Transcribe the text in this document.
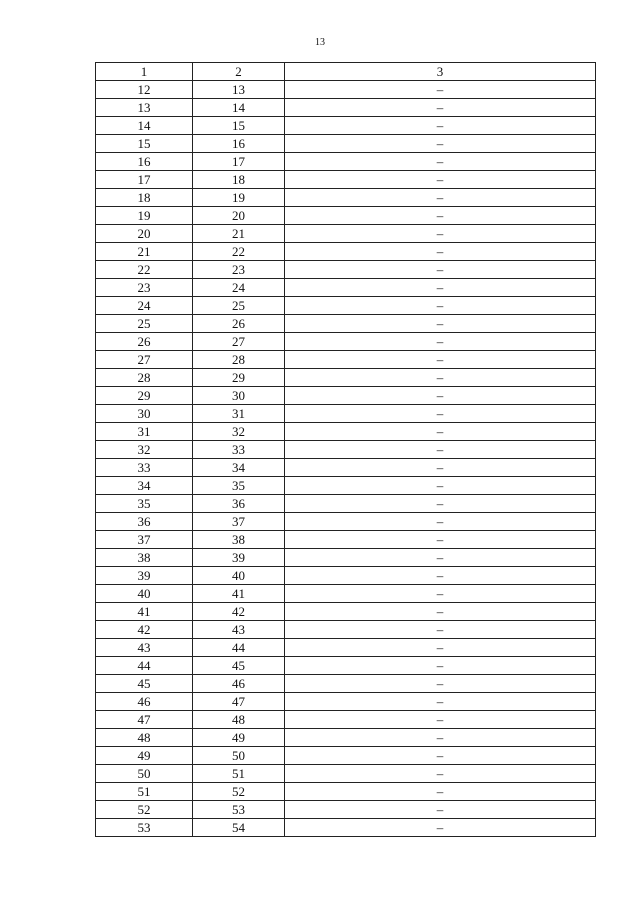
13
1	2	3
12	13	–
13	14	–
14	15	–
15	16	–
16	17	–
17	18	–
18	19	–
19	20	–
20	21	–
21	22	–
22	23	–
23	24	–
24	25	–
25	26	–
26	27	–
27	28	–
28	29	–
29	30	–
30	31	–
31	32	–
32	33	–
33	34	–
34	35	–
35	36	–
36	37	–
37	38	–
38	39	–
39	40	–
40	41	–
41	42	–
42	43	–
43	44	–
44	45	–
45	46	–
46	47	–
47	48	–
48	49	–
49	50	–
50	51	–
51	52	–
52	53	–
53	54	–
